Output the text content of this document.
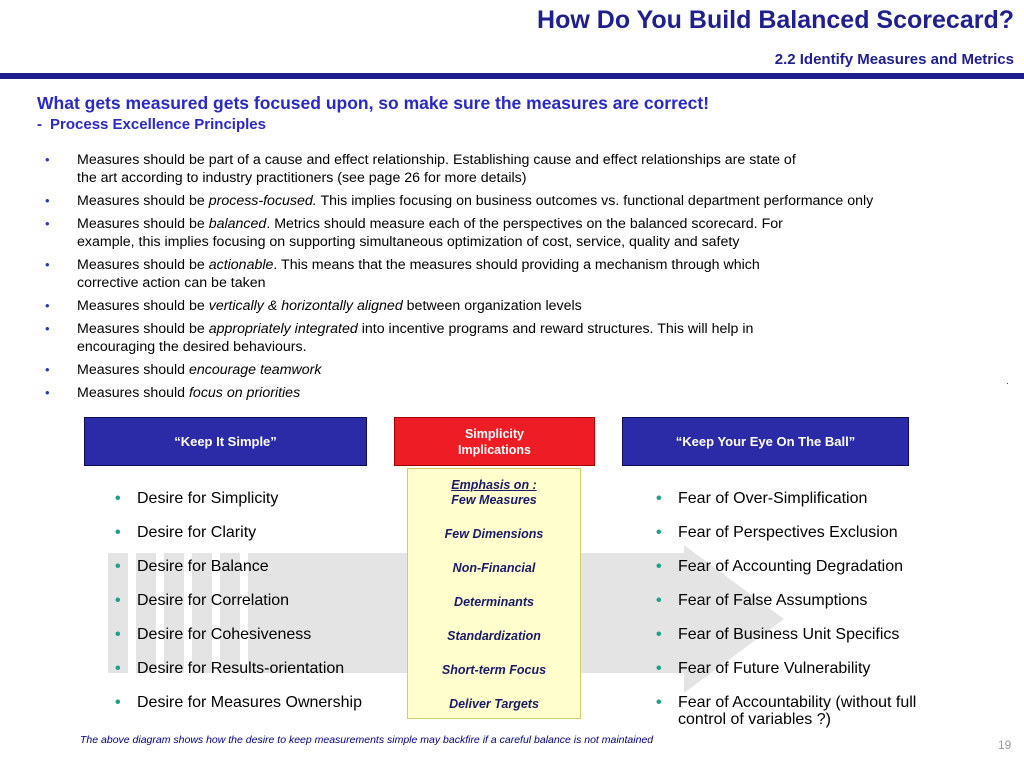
How Do You Build Balanced Scorecard?
2.2 Identify Measures and Metrics
What gets measured gets focused upon, so make sure the measures are correct!
- Process Excellence Principles
• Measures should be part of a cause and effect relationship. Establishing cause and effect relationships are state of
the art according to industry practitioners (see page 26 for more details)
• Measures should be process-focused. This implies focusing on business outcomes vs. functional department performance only
• Measures should be balanced. Metrics should measure each of the perspectives on the balanced scorecard. For
example, this implies focusing on supporting simultaneous optimization of cost, service, quality and safety
• Measures should be actionable. This means that the measures should providing a mechanism through which
corrective action can be taken
• Measures should be vertically & horizontally aligned between organization levels
• Measures should be appropriately integrated into incentive programs and reward structures. This will help in
encouraging the desired behaviours.
• Measures should encourage teamwork
• Measures should focus on priorities
.
“Keep It Simple”
Simplicity
Implications
“Keep Your Eye On The Ball”
Emphasis on :
Few Measures
Few Dimensions
Non-Financial
Determinants
Standardization
Short-term Focus
Deliver Targets
• Desire for Simplicity
• Desire for Clarity
• Desire for Balance
• Desire for Correlation
• Desire for Cohesiveness
• Desire for Results-orientation
• Desire for Measures Ownership
• Fear of Over-Simplification
• Fear of Perspectives Exclusion
• Fear of Accounting Degradation
• Fear of False Assumptions
• Fear of Business Unit Specifics
• Fear of Future Vulnerability
• Fear of Accountability (without full
control of variables ?)
The above diagram shows how the desire to keep measurements simple may backfire if a careful balance is not maintained	19
